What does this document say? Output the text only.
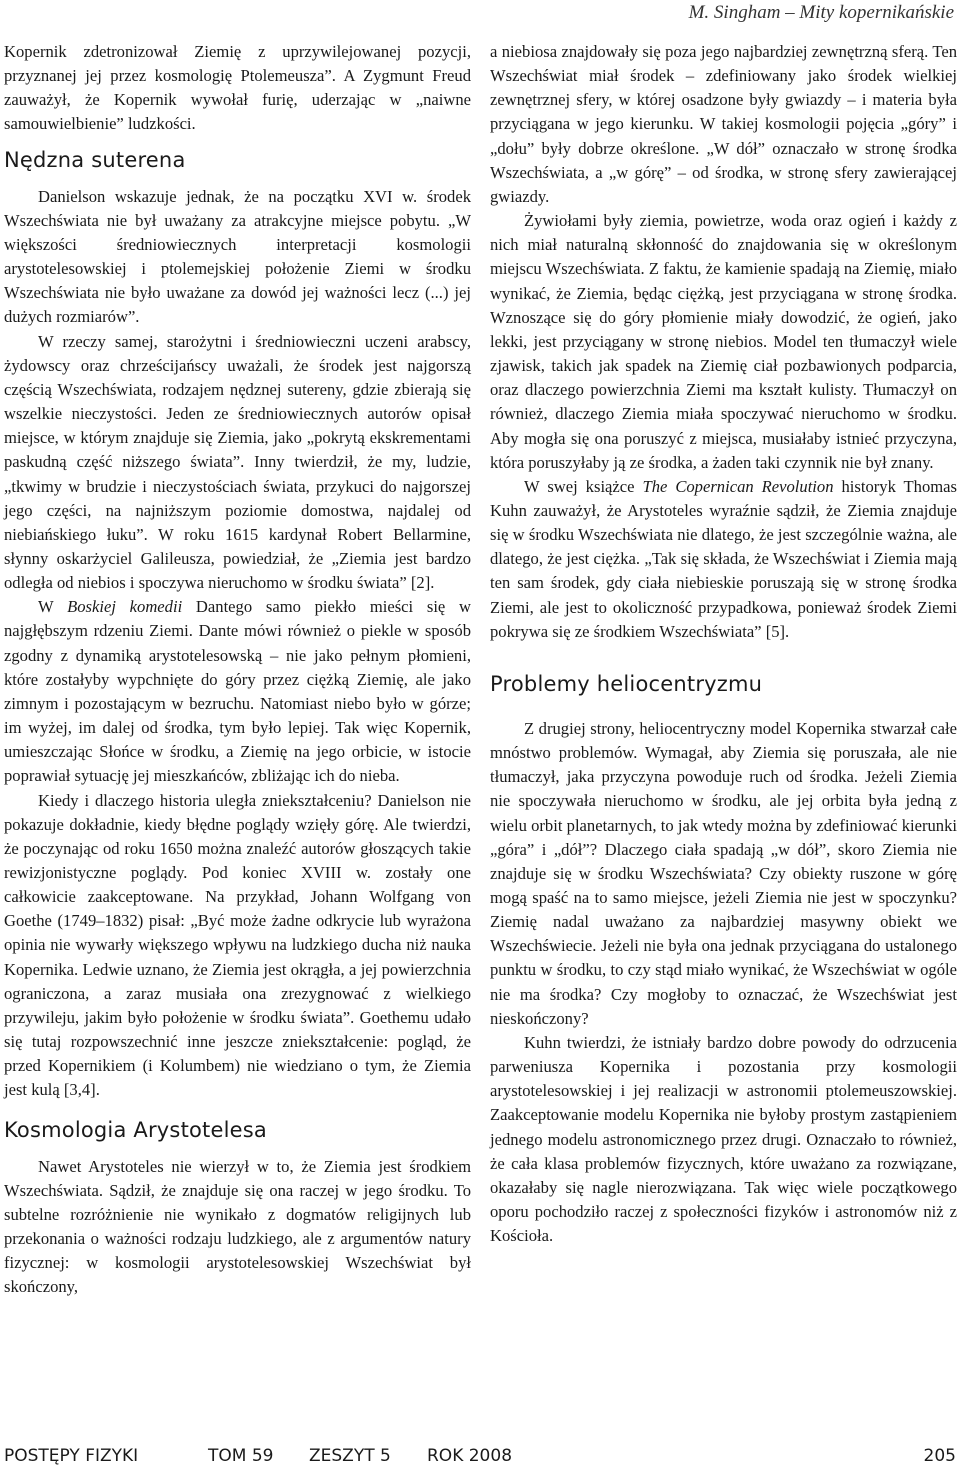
M. Singham – Mity kopernikańskie

Kopernik zdetronizował Ziemię z uprzywilejowanej pozycji, przyznanej jej przez kosmologię Ptolemeusza”. A Zygmunt Freud zauważył, że Kopernik wywołał furię, uderzając w „naiwne samouwielbienie” ludzkości.

Nędzna suterena

Danielson wskazuje jednak, że na początku XVI w. środek Wszechświata nie był uważany za atrakcyjne miejsce pobytu. „W większości średniowiecznych interpretacji kosmologii arystotelesowskiej i ptolemejskiej położenie Ziemi w środku Wszechświata nie było uważane za dowód jej ważności lecz (...) jej dużych rozmiarów”.

W rzeczy samej, starożytni i średniowieczni uczeni arabscy, żydowscy oraz chrześcijańscy uważali, że środek jest najgorszą częścią Wszechświata, rodzajem nędznej sutereny, gdzie zbierają się wszelkie nieczystości. Jeden ze średniowiecznych autorów opisał miejsce, w którym znajduje się Ziemia, jako „pokrytą ekskrementami paskudną część niższego świata”. Inny twierdził, że my, ludzie, „tkwimy w brudzie i nieczystościach świata, przykuci do najgorszej jego części, na najniższym poziomie domostwa, najdalej od niebiańskiego łuku”. W roku 1615 kardynał Robert Bellarmine, słynny oskarżyciel Galileusza, powiedział, że „Ziemia jest bardzo odległa od niebios i spoczywa nieruchomo w środku świata” [2].

W Boskiej komedii Dantego samo piekło mieści się w najgłębszym rdzeniu Ziemi. Dante mówi również o piekle w sposób zgodny z dynamiką arystotelesowską – nie jako pełnym płomieni, które zostałyby wypchnięte do góry przez ciężką Ziemię, ale jako zimnym i pozostającym w bezruchu. Natomiast niebo było w górze; im wyżej, im dalej od środka, tym było lepiej. Tak więc Kopernik, umieszczając Słońce w środku, a Ziemię na jego orbicie, w istocie poprawiał sytuację jej mieszkańców, zbliżając ich do nieba.

Kiedy i dlaczego historia uległa zniekształceniu? Danielson nie pokazuje dokładnie, kiedy błędne poglądy wzięły górę. Ale twierdzi, że poczynając od roku 1650 można znaleźć autorów głoszących takie rewizjonistyczne poglądy. Pod koniec XVIII w. zostały one całkowicie zaakceptowane. Na przykład, Johann Wolfgang von Goethe (1749–1832) pisał: „Być może żadne odkrycie lub wyrażona opinia nie wywarły większego wpływu na ludzkiego ducha niż nauka Kopernika. Ledwie uznano, że Ziemia jest okrągła, a jej powierzchnia ograniczona, a zaraz musiała ona zrezygnować z wielkiego przywileju, jakim było położenie w środku świata”. Goethemu udało się tutaj rozpowszechnić inne jeszcze zniekształcenie: pogląd, że przed Kopernikiem (i Kolumbem) nie wiedziano o tym, że Ziemia jest kulą [3,4].

Kosmologia Arystotelesa

Nawet Arystoteles nie wierzył w to, że Ziemia jest środkiem Wszechświata. Sądził, że znajduje się ona raczej w jego środku. To subtelne rozróżnienie nie wynikało z dogmatów religijnych lub przekonania o ważności rodzaju ludzkiego, ale z argumentów natury fizycznej: w kosmologii arystotelesowskiej Wszechświat był skończony,

a niebiosa znajdowały się poza jego najbardziej zewnętrzną sferą. Ten Wszechświat miał środek – zdefiniowany jako środek wielkiej zewnętrznej sfery, w której osadzone były gwiazdy – i materia była przyciągana w jego kierunku. W takiej kosmologii pojęcia „góry” i „dołu” były dobrze określone. „W dół” oznaczało w stronę środka Wszechświata, a „w górę” – od środka, w stronę sfery zawierającej gwiazdy.

Żywiołami były ziemia, powietrze, woda oraz ogień i każdy z nich miał naturalną skłonność do znajdowania się w określonym miejscu Wszechświata. Z faktu, że kamienie spadają na Ziemię, miało wynikać, że Ziemia, będąc ciężką, jest przyciągana w stronę środka. Wznoszące się do góry płomienie miały dowodzić, że ogień, jako lekki, jest przyciągany w stronę niebios. Model ten tłumaczył wiele zjawisk, takich jak spadek na Ziemię ciał pozbawionych podparcia, oraz dlaczego powierzchnia Ziemi ma kształt kulisty. Tłumaczył on również, dlaczego Ziemia miała spoczywać nieruchomo w środku. Aby mogła się ona poruszyć z miejsca, musiałaby istnieć przyczyna, która poruszyłaby ją ze środka, a żaden taki czynnik nie był znany.

W swej książce The Copernican Revolution historyk Thomas Kuhn zauważył, że Arystoteles wyraźnie sądził, że Ziemia znajduje się w środku Wszechświata nie dlatego, że jest szczególnie ważna, ale dlatego, że jest ciężka. „Tak się składa, że Wszechświat i Ziemia mają ten sam środek, gdy ciała niebieskie poruszają się w stronę środka Ziemi, ale jest to okoliczność przypadkowa, ponieważ środek Ziemi pokrywa się ze środkiem Wszechświata” [5].

Problemy heliocentryzmu

Z drugiej strony, heliocentryczny model Kopernika stwarzał całe mnóstwo problemów. Wymagał, aby Ziemia się poruszała, ale nie tłumaczył, jaka przyczyna powoduje ruch od środka. Jeżeli Ziemia nie spoczywała nieruchomo w środku, ale jej orbita była jedną z wielu orbit planetarnych, to jak wtedy można by zdefiniować kierunki „góra” i „dół”? Dlaczego ciała spadają „w dół”, skoro Ziemia nie znajduje się w środku Wszechświata? Czy obiekty ruszone w górę mogą spaść na to samo miejsce, jeżeli Ziemia nie jest w spoczynku? Ziemię nadal uważano za najbardziej masywny obiekt we Wszechświecie. Jeżeli nie była ona jednak przyciągana do ustalonego punktu w środku, to czy stąd miało wynikać, że Wszechświat w ogóle nie ma środka? Czy mogłoby to oznaczać, że Wszechświat jest nieskończony?

Kuhn twierdzi, że istniały bardzo dobre powody do odrzucenia parweniusza Kopernika i pozostania przy kosmologii arystotelesowskiej i jej realizacji w astronomii ptolemeuszowskiej. Zaakceptowanie modelu Kopernika nie byłoby prostym zastąpieniem jednego modelu astronomicznego przez drugi. Oznaczało to również, że cała klasa problemów fizycznych, które uważano za rozwiązane, okazałaby się nagle nierozwiązana. Tak więc wiele początkowego oporu pochodziło raczej z społeczności fizyków i astronomów niż z Kościoła.

POSTĘPY FIZYKI	TOM 59 ZESZYT 5 ROK 2008	205
